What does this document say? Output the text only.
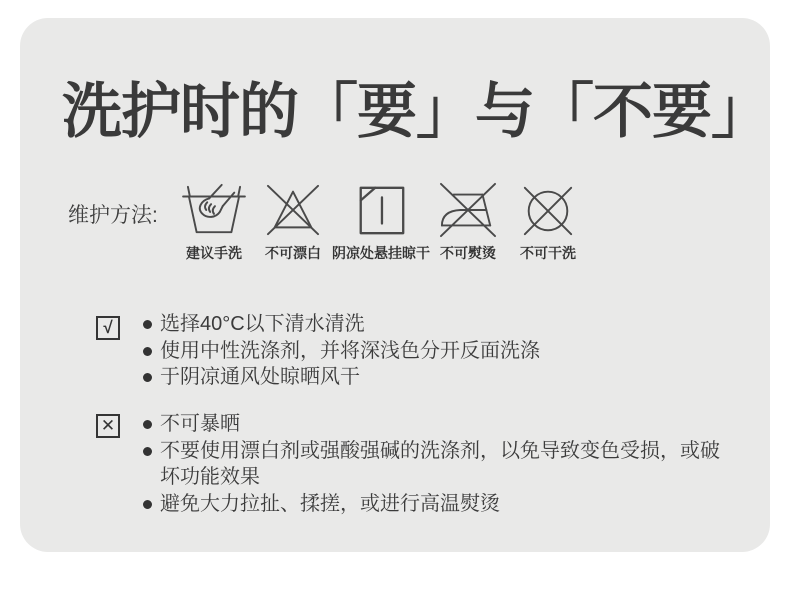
洗护时的「要」与「不要」
维护方法:
建议手洗 不可漂白 阴凉处悬挂晾干 不可熨烫 不可干洗
√	选择40°C以下清水清洗
使用中性洗涤剂，并将深浅色分开反面洗涤
于阴凉通风处晾晒风干
✕ 不可暴晒
不要使用漂白剂或强酸强碱的洗涤剂，以免导致变色受损，或破坏功能效果
避免大力拉扯、揉搓，或进行高温熨烫
